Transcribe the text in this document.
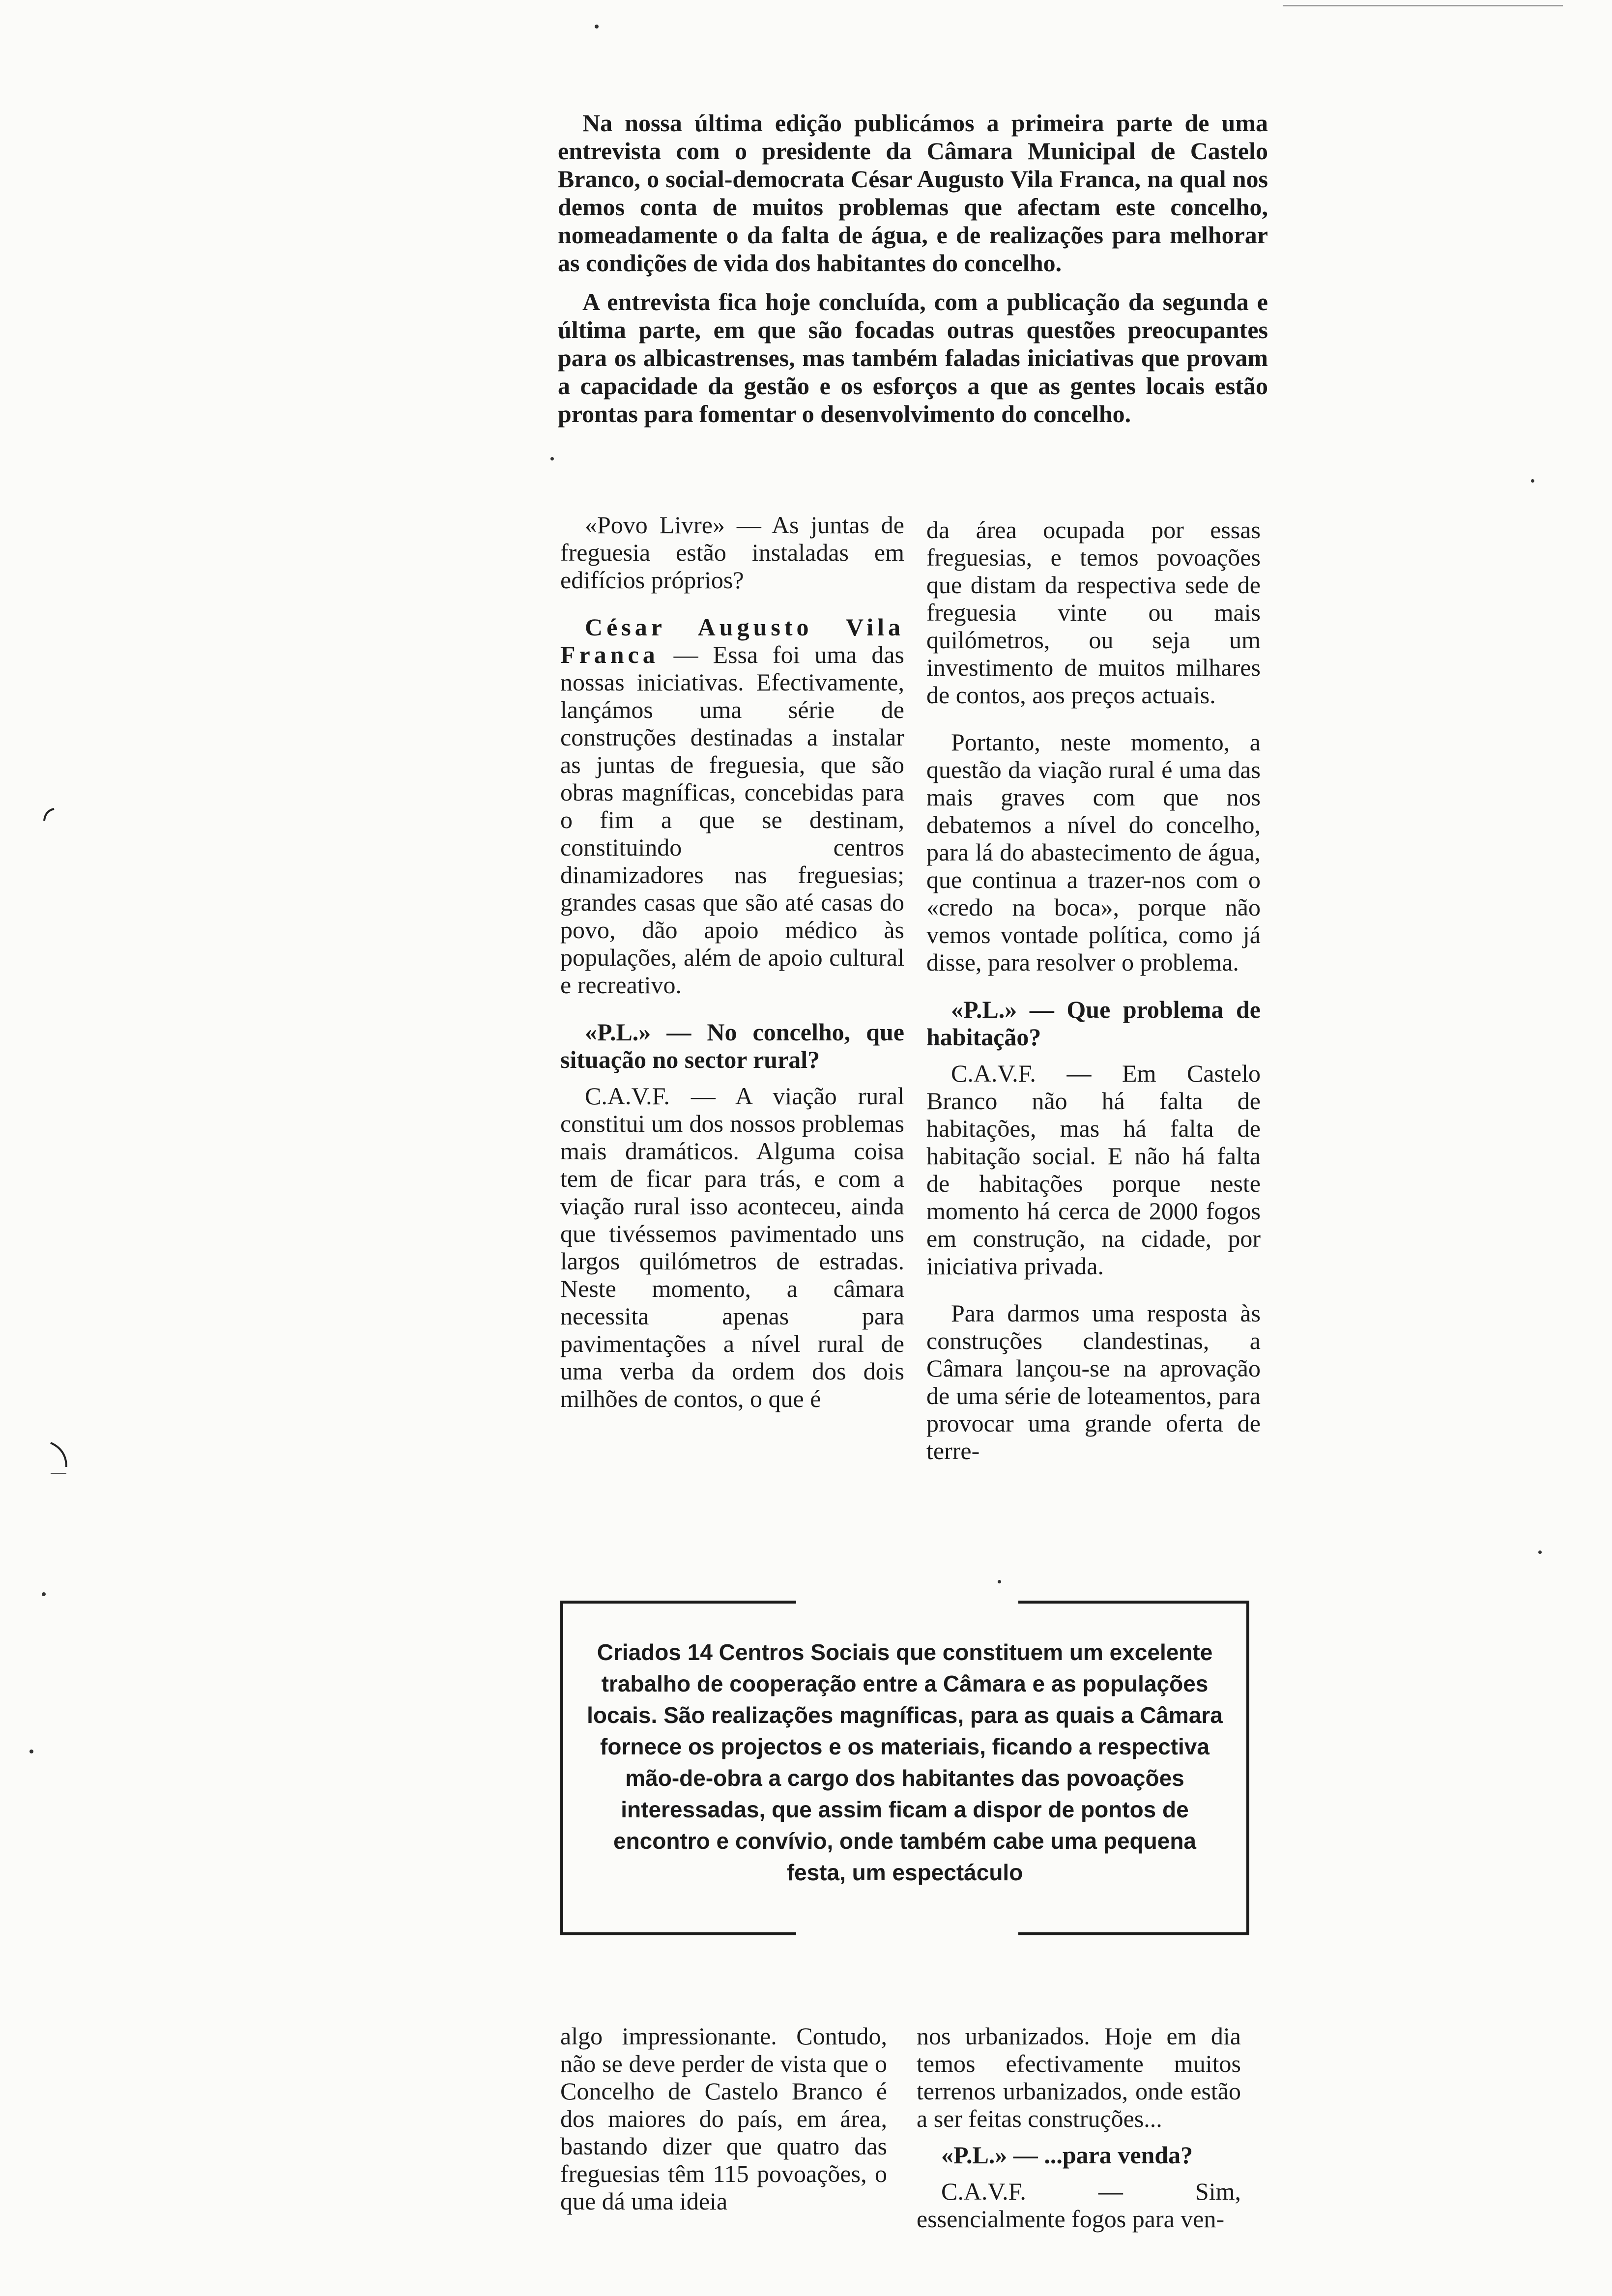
Na nossa última edição publicámos a primeira parte de uma entrevista com o presidente da Câmara Municipal de Castelo Branco, o social-democrata César Augusto Vila Franca, na qual nos demos conta de muitos problemas que afectam este concelho, nomeadamente o da falta de água, e de realizações para melhorar as condições de vida dos habitantes do concelho.

A entrevista fica hoje concluída, com a publicação da segunda e última parte, em que são focadas outras questões preocupantes para os albicastrenses, mas também faladas iniciativas que provam a capacidade da gestão e os esforços a que as gentes locais estão prontas para fomentar o desenvolvimento do concelho.

«Povo Livre» — As juntas de freguesia estão instaladas em edifícios próprios?

César Augusto Vila Franca — Essa foi uma das nossas iniciativas. Efectivamente, lançámos uma série de construções destinadas a instalar as juntas de freguesia, que são obras magníficas, concebidas para o fim a que se destinam, constituindo centros dinamizadores nas freguesias; grandes casas que são até casas do povo, dão apoio médico às populações, além de apoio cultural e recreativo.

«P.L.» — No concelho, que situação no sector rural?

C.A.V.F. — A viação rural constitui um dos nossos problemas mais dramáticos. Alguma coisa tem de ficar para trás, e com a viação rural isso aconteceu, ainda que tivéssemos pavimentado uns largos quilómetros de estradas. Neste momento, a câmara necessita apenas para pavimentações a nível rural de uma verba da ordem dos dois milhões de contos, o que é

da área ocupada por essas freguesias, e temos povoações que distam da respectiva sede de freguesia vinte ou mais quilómetros, ou seja um investimento de muitos milhares de contos, aos preços actuais.

Portanto, neste momento, a questão da viação rural é uma das mais graves com que nos debatemos a nível do concelho, para lá do abastecimento de água, que continua a trazer-nos com o «credo na boca», porque não vemos vontade política, como já disse, para resolver o problema.

«P.L.» — Que problema de habitação?

C.A.V.F. — Em Castelo Branco não há falta de habitações, mas há falta de habitação social. E não há falta de habitações porque neste momento há cerca de 2000 fogos em construção, na cidade, por iniciativa privada.

Para darmos uma resposta às construções clandestinas, a Câmara lançou-se na aprovação de uma série de loteamentos, para provocar uma grande oferta de terre-

Criados 14 Centros Sociais que constituem um excelente trabalho de cooperação entre a Câmara e as populações locais. São realizações magníficas, para as quais a Câmara fornece os projectos e os materiais, ficando a respectiva mão-de-obra a cargo dos habitantes das povoações interessadas, que assim ficam a dispor de pontos de encontro e convívio, onde também cabe uma pequena festa, um espectáculo

algo impressionante. Contudo, não se deve perder de vista que o Concelho de Castelo Branco é dos maiores do país, em área, bastando dizer que quatro das freguesias têm 115 povoações, o que dá uma ideia

nos urbanizados. Hoje em dia temos efectivamente muitos terrenos urbanizados, onde estão a ser feitas construções...

«P.L.» — ...para venda?

C.A.V.F.	— Sim, essencialmente fogos para ven-
